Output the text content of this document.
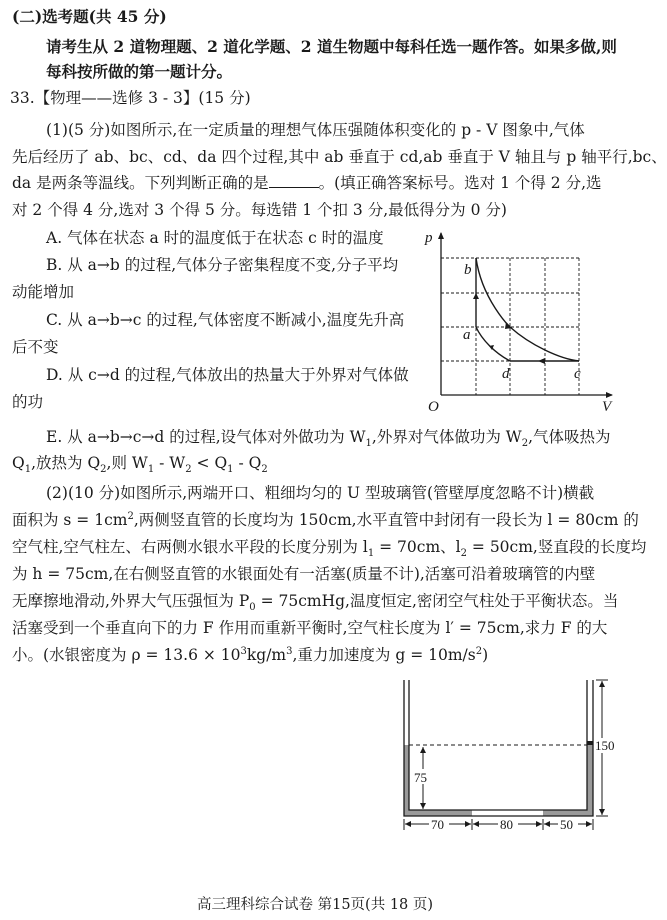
(二)选考题(共 45 分)
请考生从 2 道物理题、2 道化学题、2 道生物题中每科任选一题作答。如果多做,则
每科按所做的第一题计分。
33.【物理——选修 3 - 3】(15 分)
(1)(5 分)如图所示,在一定质量的理想气体压强随体积变化的 p - V 图象中,气体
先后经历了 ab、bc、cd、da 四个过程,其中 ab 垂直于 cd,ab 垂直于 V 轴且与 p 轴平行,bc、
da 是两条等温线。下列判断正确的是	。(填正确答案标号。选对 1 个得 2 分,选
对 2 个得 4 分,选对 3 个得 5 分。每选错 1 个扣 3 分,最低得分为 0 分)
A. 气体在状态 a 时的温度低于在状态 c 时的温度
B. 从 a→b 的过程,气体分子密集程度不变,分子平均
动能增加
C. 从 a→b→c 的过程,气体密度不断减小,温度先升高
后不变
D. 从 c→d 的过程,气体放出的热量大于外界对气体做
的功
E. 从 a→b→c→d 的过程,设气体对外做功为 $W_1$,外界对气体做功为 $W_2$,气体吸热为
$Q_1$,放热为 $Q_2$,则 $W_1 - W_2 < Q_1 - Q_2$
p
V
O
b
a
d	c
(2)(10 分)如图所示,两端开口、粗细均匀的 U 型玻璃管(管壁厚度忽略不计)横截
面积为 $s = 1cm^2$,两侧竖直管的长度均为 150cm,水平直管中封闭有一段长为 l = 80cm 的
空气柱,空气柱左、右两侧水银水平段的长度分别为 $l_1 = 70cm$、$l_2 = 50cm$,竖直段的长度均
为 h = 75cm,在右侧竖直管的水银面处有一活塞(质量不计),活塞可沿着玻璃管的内壁
无摩擦地滑动,外界大气压强恒为 $P_0$ = 75cmHg,温度恒定,密闭空气柱处于平衡状态。当
活塞受到一个垂直向下的力 F 作用而重新平衡时,空气柱长度为 l′ = 75cm,求力 F 的大
小。(水银密度为 $\rho = 13.6 \times 10^3kg/m^3$,重力加速度为 $g = 10m/s^2$)
75
150
70	80	50
高三理科综合试卷 第15页(共 18 页)
